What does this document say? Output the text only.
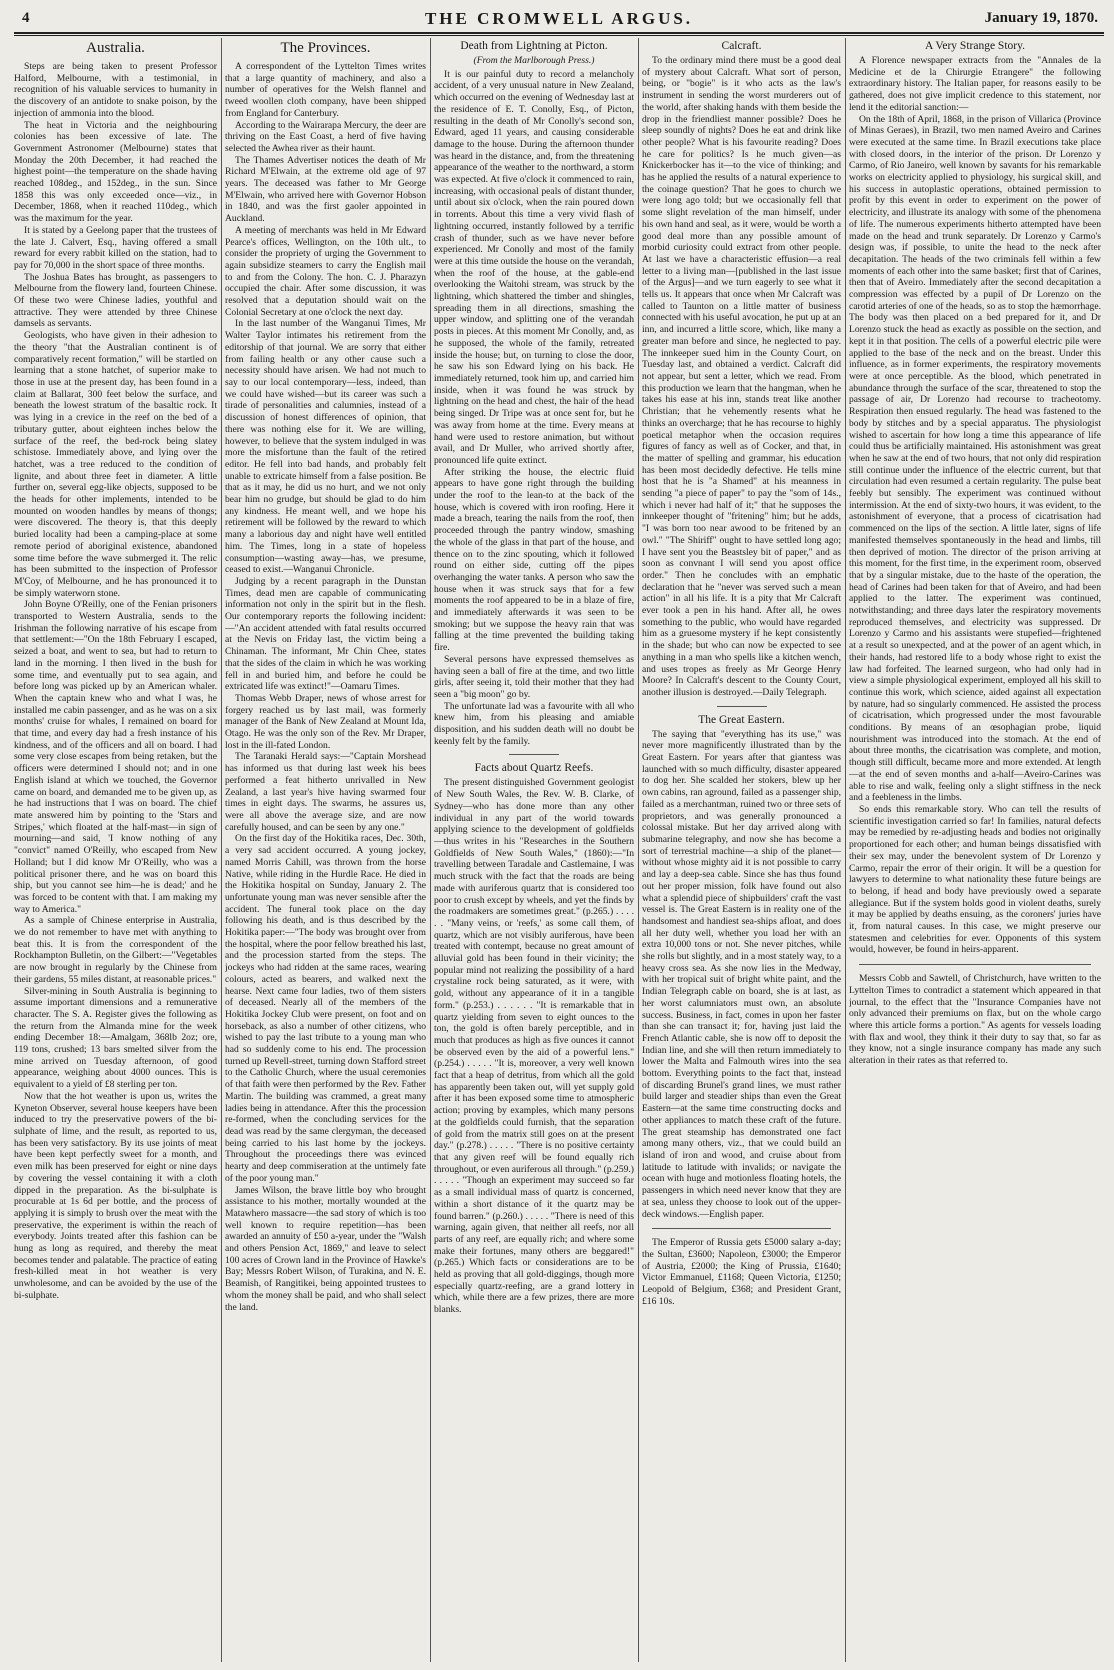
4	THE CROMWELL ARGUS.	January 19, 1870.
Australia.

Steps are being taken to present Professor Halford, Melbourne, with a testimonial, in recognition of his valuable services to humanity in the discovery of an antidote to snake poison, by the injection of ammonia into the blood.

The heat in Victoria and the neighbouring colonies has been excessive of late. The Government Astronomer (Melbourne) states that Monday the 20th December, it had reached the highest point—the temperature on the shade having reached 108deg., and 152deg., in the sun. Since 1858 this was only exceeded once—viz., in December, 1868, when it reached 110deg., which was the maximum for the year.

It is stated by a Geelong paper that the trustees of the late J. Calvert, Esq., having offered a small reward for every rabbit killed on the station, had to pay for 70,000 in the short space of three months.

The Joshua Bates has brought, as passengers to Melbourne from the flowery land, fourteen Chinese. Of these two were Chinese ladies, youthful and attractive. They were attended by three Chinese damsels as servants.

Geologists, who have given in their adhesion to the theory "that the Australian continent is of comparatively recent formation," will be startled on learning that a stone hatchet, of superior make to those in use at the present day, has been found in a claim at Ballarat, 300 feet below the surface, and beneath the lowest stratum of the basaltic rock. It was lying in a crevice in the reef on the bed of a tributary gutter, about eighteen inches below the surface of the reef, the bed-rock being slatey schistose. Immediately above, and lying over the hatchet, was a tree reduced to the condition of lignite, and about three feet in diameter. A little further on, several egg-like objects, supposed to be the heads for other implements, intended to be mounted on wooden handles by means of thongs; were discovered. The theory is, that this deeply buried locality had been a camping-place at some remote period of aboriginal existence, abandoned some time before the wave submerged it. The relic has been submitted to the inspection of Professor M'Coy, of Melbourne, and he has pronounced it to be simply waterworn stone.

John Boyne O'Reilly, one of the Fenian prisoners transported to Western Australia, sends to the Irishman the following narrative of his escape from that settlement:—"On the 18th February I escaped, seized a boat, and went to sea, but had to return to land in the morning. I then lived in the bush for some time, and eventually put to sea again, and before long was picked up by an American whaler. When the captain knew who and what I was, he installed me cabin passenger, and as he was on a six months' cruise for whales, I remained on board for that time, and every day had a fresh instance of his kindness, and of the officers and all on board. I had some very close escapes from being retaken, but the officers were determined I should not; and in one English island at which we touched, the Governor came on board, and demanded me to be given up, as he had instructions that I was on board. The chief mate answered him by pointing to the 'Stars and Stripes,' which floated at the half-mast—in sign of mourning—and said, 'I know nothing of any "convict" named O'Reilly, who escaped from New Holland; but I did know Mr O'Reilly, who was a political prisoner there, and he was on board this ship, but you cannot see him—he is dead;' and he was forced to be content with that. I am making my way to America."

As a sample of Chinese enterprise in Australia, we do not remember to have met with anything to beat this. It is from the correspondent of the Rockhampton Bulletin, on the Gilbert:—"Vegetables are now brought in regularly by the Chinese from their gardens, 55 miles distant, at reasonable prices."

Silver-mining in South Australia is beginning to assume important dimensions and a remunerative character. The S. A. Register gives the following as the return from the Almanda mine for the week ending December 18:—Amalgam, 368lb 2oz; ore, 119 tons, crushed; 13 bars smelted silver from the mine arrived on Tuesday afternoon, of good appearance, weighing about 4000 ounces. This is equivalent to a yield of £8 sterling per ton.

Now that the hot weather is upon us, writes the Kyneton Observer, several house keepers have been induced to try the preservative powers of the bi-sulphate of lime, and the result, as reported to us, has been very satisfactory. By its use joints of meat have been kept perfectly sweet for a month, and even milk has been preserved for eight or nine days by covering the vessel containing it with a cloth dipped in the preparation. As the bi-sulphate is procurable at 1s 6d per bottle, and the process of applying it is simply to brush over the meat with the preservative, the experiment is within the reach of everybody. Joints treated after this fashion can be hung as long as required, and thereby the meat becomes tender and palatable. The practice of eating fresh-killed meat in hot weather is very unwholesome, and can be avoided by the use of the bi-sulphate.

The Provinces.

A correspondent of the Lyttelton Times writes that a large quantity of machinery, and also a number of operatives for the Welsh flannel and tweed woollen cloth company, have been shipped from England for Canterbury.

According to the Wairarapa Mercury, the deer are thriving on the East Coast, a herd of five having selected the Awhea river as their haunt.

The Thames Advertiser notices the death of Mr Richard M'Elwain, at the extreme old age of 97 years. The deceased was father to Mr George M'Elwain, who arrived here with Governor Hobson in 1840, and was the first gaoler appointed in Auckland.

A meeting of merchants was held in Mr Edward Pearce's offices, Wellington, on the 10th ult., to consider the propriety of urging the Government to again subsidize steamers to carry the English mail to and from the Colony. The hon. C. J. Pharazyn occupied the chair. After some discussion, it was resolved that a deputation should wait on the Colonial Secretary at one o'clock the next day.

In the last number of the Wanganui Times, Mr Walter Taylor intimates his retirement from the editorship of that journal. We are sorry that either from failing health or any other cause such a necessity should have arisen. We had not much to say to our local contemporary—less, indeed, than we could have wished—but its career was such a tirade of personalities and calumnies, instead of a discussion of honest differences of opinion, that there was nothing else for it. We are willing, however, to believe that the system indulged in was more the misfortune than the fault of the retired editor. He fell into bad hands, and probably felt unable to extricate himself from a false position. Be that as it may, he did us no hurt, and we not only bear him no grudge, but should be glad to do him any kindness. He meant well, and we hope his retirement will be followed by the reward to which many a laborious day and night have well entitled him. The Times, long in a state of hopeless consumption—wasting away—has, we presume, ceased to exist.—Wanganui Chronicle.

Judging by a recent paragraph in the Dunstan Times, dead men are capable of communicating information not only in the spirit but in the flesh. Our contemporary reports the following incident:—"An accident attended with fatal results occurred at the Nevis on Friday last, the victim being a Chinaman. The informant, Mr Chin Chee, states that the sides of the claim in which he was working fell in and buried him, and before he could be extricated life was extinct!"—Oamaru Times.

Thomas Webb Draper, news of whose arrest for forgery reached us by last mail, was formerly manager of the Bank of New Zealand at Mount Ida, Otago. He was the only son of the Rev. Mr Draper, lost in the ill-fated London.

The Taranaki Herald says:—"Captain Morshead has informed us that during last week his bees performed a feat hitherto unrivalled in New Zealand, a last year's hive having swarmed four times in eight days. The swarms, he assures us, were all above the average size, and are now carefully housed, and can be seen by any one."

On the first day of the Hokitika races, Dec. 30th, a very sad accident occurred. A young jockey, named Morris Cahill, was thrown from the horse Native, while riding in the Hurdle Race. He died in the Hokitika hospital on Sunday, January 2. The unfortunate young man was never sensible after the accident. The funeral took place on the day following his death, and is thus described by the Hokitika paper:—"The body was brought over from the hospital, where the poor fellow breathed his last, and the procession started from the steps. The jockeys who had ridden at the same races, wearing colours, acted as bearers, and walked next the hearse. Next came four ladies, two of them sisters of deceased. Nearly all of the members of the Hokitika Jockey Club were present, on foot and on horseback, as also a number of other citizens, who wished to pay the last tribute to a young man who had so suddenly come to his end. The procession turned up Revell-street, turning down Stafford street to the Catholic Church, where the usual ceremonies of that faith were then performed by the Rev. Father Martin. The building was crammed, a great many ladies being in attendance. After this the procession re-formed, when the concluding services for the dead was read by the same clergyman, the deceased being carried to his last home by the jockeys. Throughout the proceedings there was evinced hearty and deep commiseration at the untimely fate of the poor young man."

James Wilson, the brave little boy who brought assistance to his mother, mortally wounded at the Matawhero massacre—the sad story of which is too well known to require repetition—has been awarded an annuity of £50 a-year, under the "Walsh and others Pension Act, 1869," and leave to select 100 acres of Crown land in the Province of Hawke's Bay; Messrs Robert Wilson, of Turakina, and N. E. Beamish, of Rangitikei, being appointed trustees to whom the money shall be paid, and who shall select the land.

Death from Lightning at Picton.
(From the Marlborough Press.)

It is our painful duty to record a melancholy accident, of a very unusual nature in New Zealand, which occurred on the evening of Wednesday last at the residence of E. T. Conolly, Esq., of Picton, resulting in the death of Mr Conolly's second son, Edward, aged 11 years, and causing considerable damage to the house. During the afternoon thunder was heard in the distance, and, from the threatening appearance of the weather to the northward, a storm was expected. At five o'clock it commenced to rain, increasing, with occasional peals of distant thunder, until about six o'clock, when the rain poured down in torrents. About this time a very vivid flash of lightning occurred, instantly followed by a terrific crash of thunder, such as we have never before experienced. Mr Conolly and most of the family were at this time outside the house on the verandah, when the roof of the house, at the gable-end overlooking the Waitohi stream, was struck by the lightning, which shattered the timber and shingles, spreading them in all directions, smashing the upper window, and splitting one of the verandah posts in pieces. At this moment Mr Conolly, and, as he supposed, the whole of the family, retreated inside the house; but, on turning to close the door, he saw his son Edward lying on his back. He immediately returned, took him up, and carried him inside, when it was found he was struck by lightning on the head and chest, the hair of the head being singed. Dr Tripe was at once sent for, but he was away from home at the time. Every means at hand were used to restore animation, but without avail, and Dr Muller, who arrived shortly after, pronounced life quite extinct.

After striking the house, the electric fluid appears to have gone right through the building under the roof to the lean-to at the back of the house, which is covered with iron roofing. Here it made a breach, tearing the nails from the roof, then proceeded through the pantry window, smashing the whole of the glass in that part of the house, and thence on to the zinc spouting, which it followed round on either side, cutting off the pipes overhanging the water tanks. A person who saw the house when it was struck says that for a few moments the roof appeared to be in a blaze of fire, and immediately afterwards it was seen to be smoking; but we suppose the heavy rain that was falling at the time prevented the building taking fire.

Several persons have expressed themselves as having seen a ball of fire at the time, and two little girls, after seeing it, told their mother that they had seen a "big moon" go by.

The unfortunate lad was a favourite with all who knew him, from his pleasing and amiable disposition, and his sudden death will no doubt be keenly felt by the family.

Facts about Quartz Reefs.

The present distinguished Government geologist of New South Wales, the Rev. W. B. Clarke, of Sydney—who has done more than any other individual in any part of the world towards applying science to the development of goldfields—thus writes in his "Researches in the Southern Goldfields of New South Wales," (1860):—"In travelling between Taradale and Castlemaine, I was much struck with the fact that the roads are being made with auriferous quartz that is considered too poor to crush except by wheels, and yet the finds by the roadmakers are sometimes great." (p.265.) . . . . . . "Many veins, or 'reefs,' as some call them, of quartz, which are not visibly auriferous, have been treated with contempt, because no great amount of alluvial gold has been found in their vicinity; the popular mind not realizing the possibility of a hard crystaline rock being saturated, as it were, with gold, without any appearance of it in a tangible form." (p.253.) . . . . . . "It is remarkable that in quartz yielding from seven to eight ounces to the ton, the gold is often barely perceptible, and in much that produces as high as five ounces it cannot be observed even by the aid of a powerful lens." (p.254.) . . . . . "It is, moreover, a very well known fact that a heap of detritus, from which all the gold has apparently been taken out, will yet supply gold after it has been exposed some time to atmospheric action; proving by examples, which many persons at the goldfields could furnish, that the separation of gold from the matrix still goes on at the present day." (p.278.) . . . . . "There is no positive certainty that any given reef will be found equally rich throughout, or even auriferous all through." (p.259.) . . . . . "Though an experiment may succeed so far as a small individual mass of quartz is concerned, within a short distance of it the quartz may be found barren." (p.260.) . . . . . "There is need of this warning, again given, that neither all reefs, nor all parts of any reef, are equally rich; and where some make their fortunes, many others are beggared!" (p.265.) Which facts or considerations are to be held as proving that all gold-diggings, though more especially quartz-reefing, are a grand lottery in which, while there are a few prizes, there are more blanks.

Calcraft.

To the ordinary mind there must be a good deal of mystery about Calcraft. What sort of person, being, or "bogie" is it who acts as the law's instrument in sending the worst murderers out of the world, after shaking hands with them beside the drop in the friendliest manner possible? Does he sleep soundly of nights? Does he eat and drink like other people? What is his favourite reading? Does he care for politics? Is he much given—as Knickerbocker has it—to the vice of thinking; and has he applied the results of a natural experience to the coinage question? That he goes to church we were long ago told; but we occasionally fell that some slight revelation of the man himself, under his own hand and seal, as it were, would be worth a good deal more than any possible amount of morbid curiosity could extract from other people. At last we have a characteristic effusion—a real letter to a living man—[published in the last issue of the Argus]—and we turn eagerly to see what it tells us. It appears that once when Mr Calcraft was called to Taunton on a little matter of business connected with his useful avocation, he put up at an inn, and incurred a little score, which, like many a greater man before and since, he neglected to pay. The innkeeper sued him in the County Court, on Tuesday last, and obtained a verdict. Calcraft did not appear, but sent a letter, which we read. From this production we learn that the hangman, when he takes his ease at his inn, stands treat like another Christian; that he vehemently resents what he thinks an overcharge; that he has recourse to highly poetical metaphor when the occasion requires figures of fancy as well as of Cocker, and that, in the matter of spelling and grammar, his education has been most decidedly defective. He tells mine host that he is "a Shamed" at his meanness in sending "a piece of paper" to pay the "som of 14s., which i never had half of it;" that he supposes the innkeeper thought of "fritening" him; but he adds, "I was born too near awood to be fritened by an owl." "The Shiriff" ought to have settled long ago; I have sent you the Beastsley bit of paper," and as soon as convnant I will send you apost office order." Then he concludes with an emphatic declaration that he "never was served such a mean action" in all his life. It is a pity that Mr Calcraft ever took a pen in his hand. After all, he owes something to the public, who would have regarded him as a gruesome mystery if he kept consistently in the shade; but who can now be expected to see anything in a man who spells like a kitchen wench, and uses tropes as freely as Mr George Henry Moore? In Calcraft's descent to the County Court, another illusion is destroyed.—Daily Telegraph.

The Great Eastern.

The saying that "everything has its use," was never more magnificently illustrated than by the Great Eastern. For years after that giantess was launched with so much difficulty, disaster appeared to dog her. She scalded her stokers, blew up her own cabins, ran aground, failed as a passenger ship, failed as a merchantman, ruined two or three sets of proprietors, and was generally pronounced a colossal mistake. But her day arrived along with submarine telegraphy, and now she has become a sort of terrestrial machine—a ship of the planet—without whose mighty aid it is not possible to carry and lay a deep-sea cable. Since she has thus found out her proper mission, folk have found out also what a splendid piece of shipbuilders' craft the vast vessel is. The Great Eastern is in reality one of the handsomest and handiest sea-ships afloat, and does all her duty well, whether you load her with an extra 10,000 tons or not. She never pitches, while she rolls but slightly, and in a most stately way, to a heavy cross sea. As she now lies in the Medway, with her tropical suit of bright white paint, and the Indian Telegraph cable on board, she is at last, as her worst calumniators must own, an absolute success. Business, in fact, comes in upon her faster than she can transact it; for, having just laid the French Atlantic cable, she is now off to deposit the Indian line, and she will then return immediately to lower the Malta and Falmouth wires into the sea bottom. Everything points to the fact that, instead of discarding Brunel's grand lines, we must rather build larger and steadier ships than even the Great Eastern—at the same time constructing docks and other appliances to match these craft of the future. The great steamship has demonstrated one fact among many others, viz., that we could build an island of iron and wood, and cruise about from latitude to latitude with invalids; or navigate the ocean with huge and motionless floating hotels, the passengers in which need never know that they are at sea, unless they choose to look out of the upper-deck windows.—English paper.

The Emperor of Russia gets £5000 salary a-day; the Sultan, £3600; Napoleon, £3000; the Emperor of Austria, £2000; the King of Prussia, £1640; Victor Emmanuel, £1168; Queen Victoria, £1250; Leopold of Belgium, £368; and President Grant, £16 10s.

A Very Strange Story.

A Florence newspaper extracts from the "Annales de la Medicine et de la Chirurgie Etrangere" the following extraordinary history. The Italian paper, for reasons easily to be gathered, does not give implicit credence to this statement, nor lend it the editorial sanction:—

On the 18th of April, 1868, in the prison of Villarica (Province of Minas Geraes), in Brazil, two men named Aveiro and Carines were executed at the same time. In Brazil executions take place with closed doors, in the interior of the prison. Dr Lorenzo y Carmo, of Rio Janeiro, well known by savants for his remarkable works on electricity applied to physiology, his surgical skill, and his success in autoplastic operations, obtained permission to profit by this event in order to experiment on the power of electricity, and illustrate its analogy with some of the phenomena of life. The numerous experiments hitherto attempted have been made on the head and trunk separately. Dr Lorenzo y Carmo's design was, if possible, to unite the head to the neck after decapitation. The heads of the two criminals fell within a few moments of each other into the same basket; first that of Carines, then that of Aveiro. Immediately after the second decapitation a compression was effected by a pupil of Dr Lorenzo on the carotid arteries of one of the heads, so as to stop the hæmorrhage. The body was then placed on a bed prepared for it, and Dr Lorenzo stuck the head as exactly as possible on the section, and kept it in that position. The cells of a powerful electric pile were applied to the base of the neck and on the breast. Under this influence, as in former experiments, the respiratory movements were at once perceptible. As the blood, which penetrated in abundance through the surface of the scar, threatened to stop the passage of air, Dr Lorenzo had recourse to tracheotomy. Respiration then ensued regularly. The head was fastened to the body by stitches and by a special apparatus. The physiologist wished to ascertain for how long a time this appearance of life could thus be artificially maintained. His astonishment was great when he saw at the end of two hours, that not only did respiration still continue under the influence of the electric current, but that circulation had even resumed a certain regularity. The pulse beat feebly but sensibly. The experiment was continued without intermission. At the end of sixty-two hours, it was evident, to the astonishment of everyone, that a process of cicatrisation had commenced on the lips of the section. A little later, signs of life manifested themselves spontaneously in the head and limbs, till then deprived of motion. The director of the prison arriving at this moment, for the first time, in the experiment room, observed that by a singular mistake, due to the haste of the operation, the head of Carines had been taken for that of Aveiro, and had been applied to the latter. The experiment was continued, notwithstanding; and three days later the respiratory movements reproduced themselves, and electricity was suppressed. Dr Lorenzo y Carmo and his assistants were stupefied—frightened at a result so unexpected, and at the power of an agent which, in their hands, had restored life to a body whose right to exist the law had forfeited. The learned surgeon, who had only had in view a simple physiological experiment, employed all his skill to continue this work, which science, aided against all expectation by nature, had so singularly commenced. He assisted the process of cicatrisation, which progressed under the most favourable conditions. By means of an œsophagian probe, liquid nourishment was introduced into the stomach. At the end of about three months, the cicatrisation was complete, and motion, though still difficult, became more and more extended. At length—at the end of seven months and a-half—Aveiro-Carines was able to rise and walk, feeling only a slight stiffness in the neck and a feebleness in the limbs.

So ends this remarkable story. Who can tell the results of scientific investigation carried so far! In families, natural defects may be remedied by re-adjusting heads and bodies not originally proportioned for each other; and human beings dissatisfied with their sex may, under the benevolent system of Dr Lorenzo y Carmo, repair the error of their origin. It will be a question for lawyers to determine to what nationality these future beings are to belong, if head and body have previously owed a separate allegiance. But if the system holds good in violent deaths, surely it may be applied by deaths ensuing, as the coroners' juries have it, from natural causes. In this case, we might preserve our statesmen and celebrities for ever. Opponents of this system would, however, be found in heirs-apparent.

Messrs Cobb and Sawtell, of Christchurch, have written to the Lyttelton Times to contradict a statement which appeared in that journal, to the effect that the "Insurance Companies have not only advanced their premiums on flax, but on the whole cargo where this article forms a portion." As agents for vessels loading with flax and wool, they think it their duty to say that, so far as they know, not a single insurance company has made any such alteration in their rates as that referred to.
